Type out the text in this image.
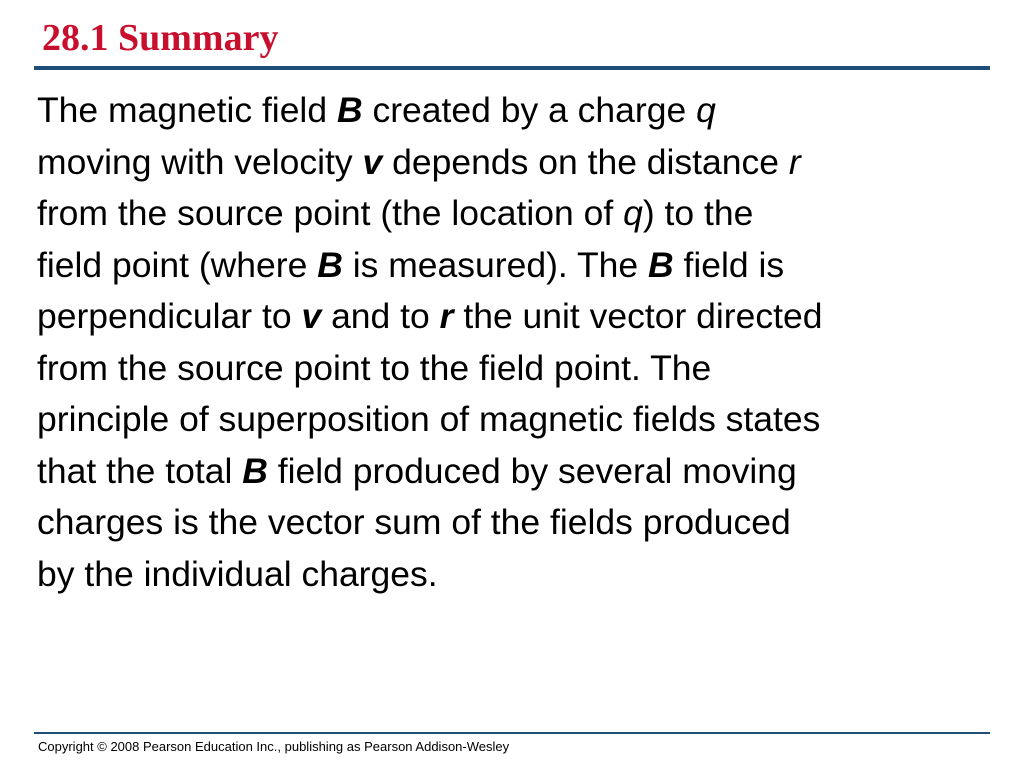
28.1 Summary
The magnetic field B created by a charge q
moving with velocity v depends on the distance r
from the source point (the location of q) to the
field point (where B is measured). The B field is
perpendicular to v and to r the unit vector directed
from the source point to the field point. The
principle of superposition of magnetic fields states
that the total B field produced by several moving
charges is the vector sum of the fields produced
by the individual charges.

Copyright © 2008 Pearson Education Inc., publishing as Pearson Addison-Wesley
